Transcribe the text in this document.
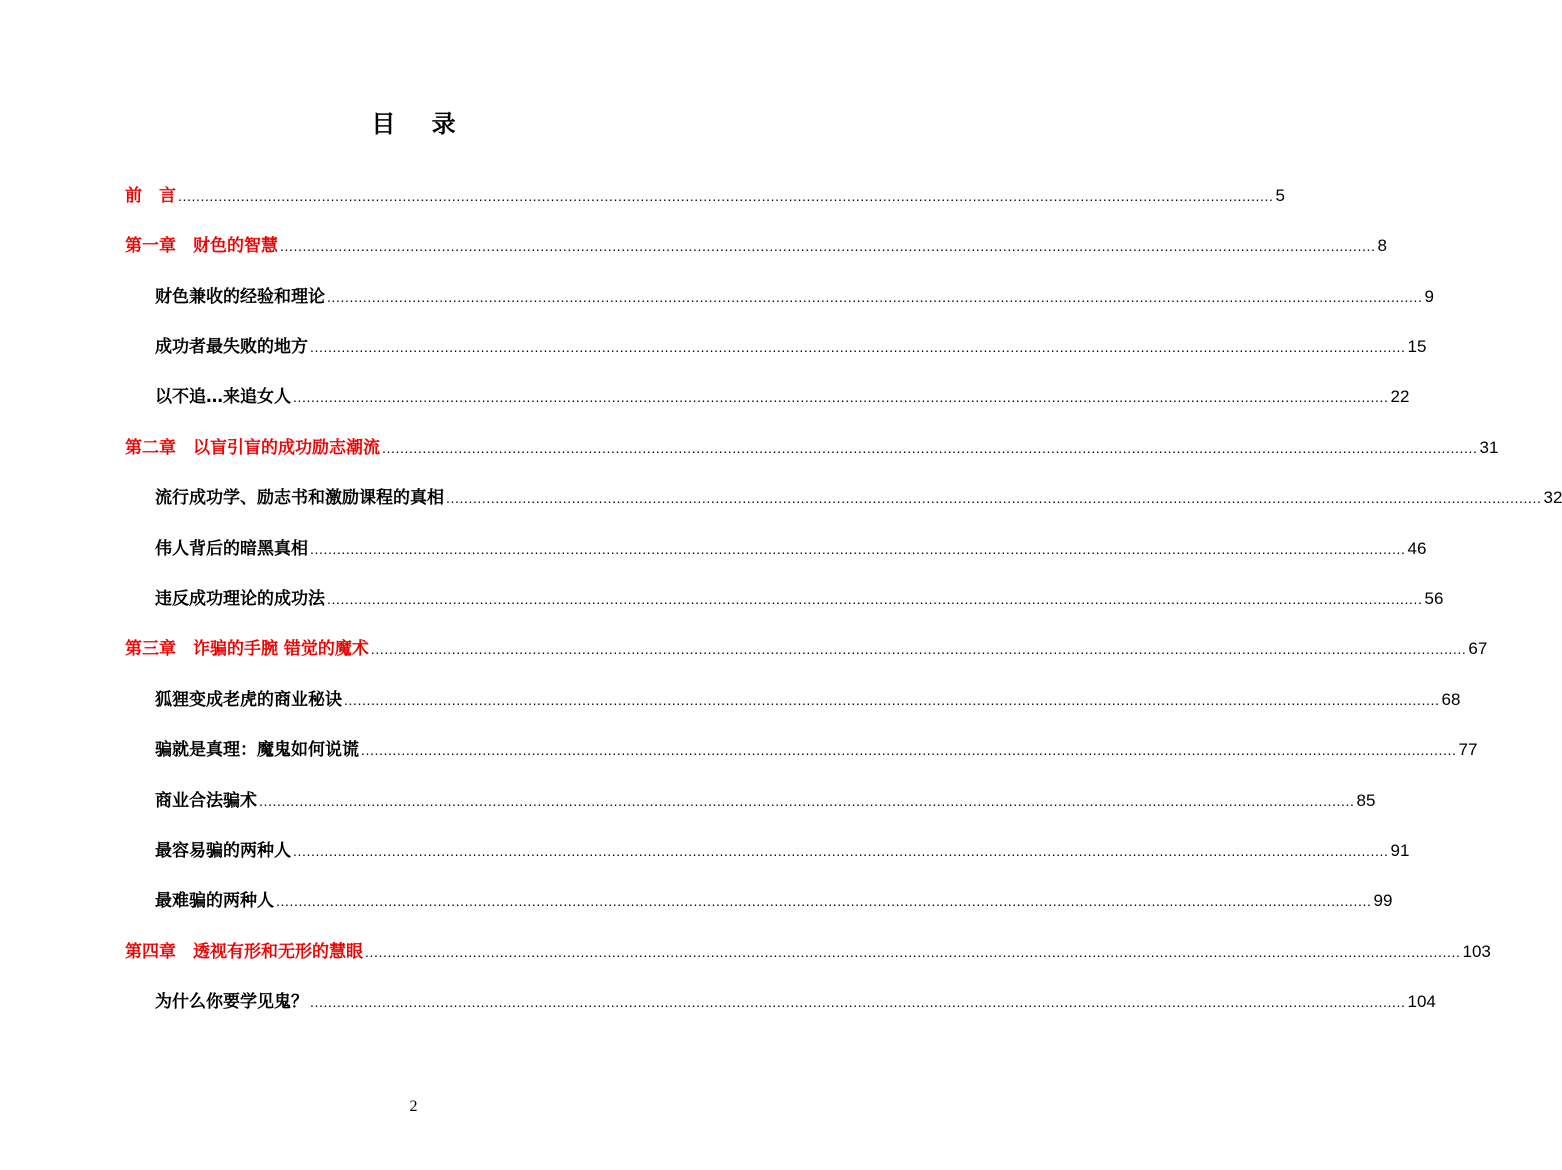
目 录
前　言 .................................................................................................................................................................................................................................................... 5
第一章　财色的智慧 .................................................................................................................................................................................................................................................... 8
财色兼收的经验和理论 .................................................................................................................................................................................................................................................... 9
成功者最失败的地方 .................................................................................................................................................................................................................................................... 15
以不追…来追女人 .................................................................................................................................................................................................................................................... 22
第二章　以盲引盲的成功励志潮流 .................................................................................................................................................................................................................................................... 31
流行成功学、励志书和激励课程的真相 .................................................................................................................................................................................................................................................... 32
伟人背后的暗黑真相 .................................................................................................................................................................................................................................................... 46
违反成功理论的成功法 .................................................................................................................................................................................................................................................... 56
第三章　诈骗的手腕 错觉的魔术 .................................................................................................................................................................................................................................................... 67
狐狸变成老虎的商业秘诀 .................................................................................................................................................................................................................................................... 68
骗就是真理：魔鬼如何说谎 .................................................................................................................................................................................................................................................... 77
商业合法骗术 .................................................................................................................................................................................................................................................... 85
最容易骗的两种人 .................................................................................................................................................................................................................................................... 91
最难骗的两种人 .................................................................................................................................................................................................................................................... 99
第四章　透视有形和无形的慧眼 .................................................................................................................................................................................................................................................... 103
为什么你要学见鬼？ .................................................................................................................................................................................................................................................... 104
2
